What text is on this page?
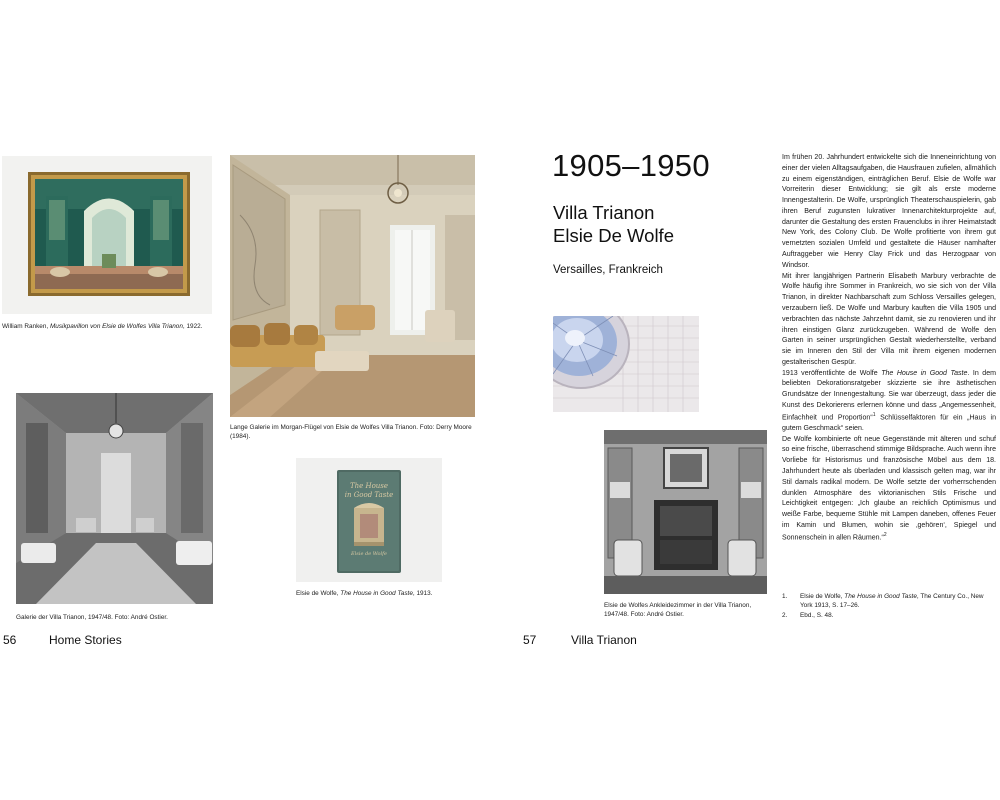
William Ranken, Musikpavillon von Elsie de Wolfes Villa Trianon, 1922.
Lange Galerie im Morgan-Flügel von Elsie de Wolfes Villa Trianon. Foto: Derry Moore (1984).
Galerie der Villa Trianon, 1947/48. Foto: André Ostier.
The House
in Good Taste
Elsie de Wolfe
Elsie de Wolfe, The House in Good Taste, 1913.
56	Home Stories
1905–1950
Villa Trianon
Elsie De Wolfe
Versailles, Frankreich
Elsie de Wolfes Ankleidezimmer in der Villa Trianon, 1947/48. Foto: André Ostier.

Im frühen 20. Jahrhundert entwickelte sich die Inneneinrichtung von einer der vielen Alltagsaufgaben, die Hausfrauen zufielen, allmählich zu einem eigenständigen, einträglichen Beruf. Elsie de Wolfe war Vorreiterin dieser Entwicklung; sie gilt als erste moderne Innengestalterin. De Wolfe, ursprünglich Theaterschauspielerin, gab ihren Beruf zugunsten lukrativer Innenarchitekturprojekte auf, darunter die Gestaltung des ersten Frauenclubs in ihrer Heimatstadt New York, des Colony Club. De Wolfe profitierte von ihrem gut vernetzten sozialen Umfeld und gestaltete die Häuser namhafter Auftraggeber wie Henry Clay Frick und das Herzogpaar von Windsor.

Mit ihrer langjährigen Partnerin Elisabeth Marbury verbrachte de Wolfe häufig ihre Sommer in Frankreich, wo sie sich von der Villa Trianon, in direkter Nachbarschaft zum Schloss Versailles gelegen, verzaubern ließ. De Wolfe und Marbury kauften die Villa 1905 und verbrachten das nächste Jahrzehnt damit, sie zu renovieren und ihr ihren einstigen Glanz zurückzugeben. Während de Wolfe den Garten in seiner ursprünglichen Gestalt wiederherstellte, verband sie im Inneren den Stil der Villa mit ihrem eigenen modernen gestalterischen Gespür.

1913 veröffentlichte de Wolfe The House in Good Taste. In dem beliebten Dekorationsratgeber skizzierte sie ihre ästhetischen Grundsätze der Innengestaltung. Sie war überzeugt, dass jeder die Kunst des Dekorierens erlernen könne und dass „Angemessenheit, Einfachheit und Proportion“$^1$ Schlüsselfaktoren für ein „Haus in gutem Geschmack“ seien.

De Wolfe kombinierte oft neue Gegenstände mit älteren und schuf so eine frische, überraschend stimmige Bildsprache. Auch wenn ihre Vorliebe für Historismus und französische Möbel aus dem 18. Jahrhundert heute als überladen und klassisch gelten mag, war ihr Stil damals radikal modern. De Wolfe setzte der vorherrschenden dunklen Atmosphäre des viktorianischen Stils Frische und Leichtigkeit entgegen: „Ich glaube an reichlich Optimismus und weiße Farbe, bequeme Stühle mit Lampen daneben, offenes Feuer im Kamin und Blumen, wohin sie ‚gehören‘, Spiegel und Sonnenschein in allen Räumen.“$^2$

1.	Elsie de Wolfe, The House in Good Taste, The Century Co., New York 1913, S. 17–26.
2.	Ebd., S. 48.
57	Villa Trianon
